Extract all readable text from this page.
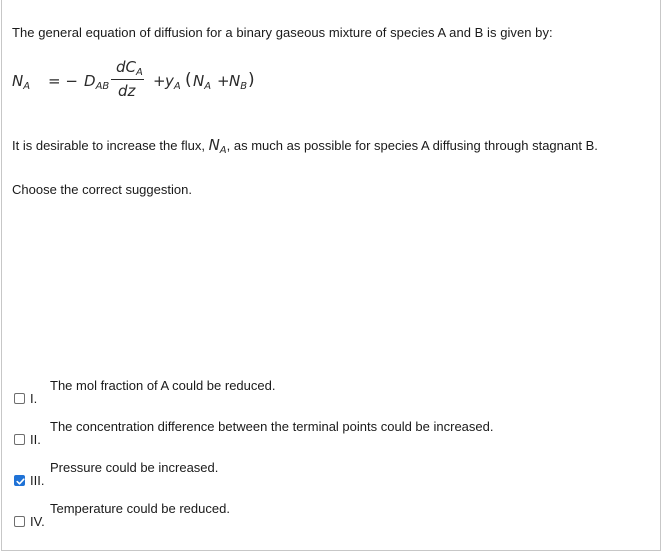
The general equation of diffusion for a binary gaseous mixture of species A and B is given by:
$N_A$ = − $D_{AB}$
$dC_A$
dz
+ $y_A$ ( $N_A + N_B$ )
It is desirable to increase the flux, $N_A$, as much as possible for species A diffusing through stagnant B.
Choose the correct suggestion.
The mol fraction of A could be reduced.
I.
The concentration difference between the terminal points could be increased.
II.
Pressure could be increased.
III.
Temperature could be reduced.
IV.
